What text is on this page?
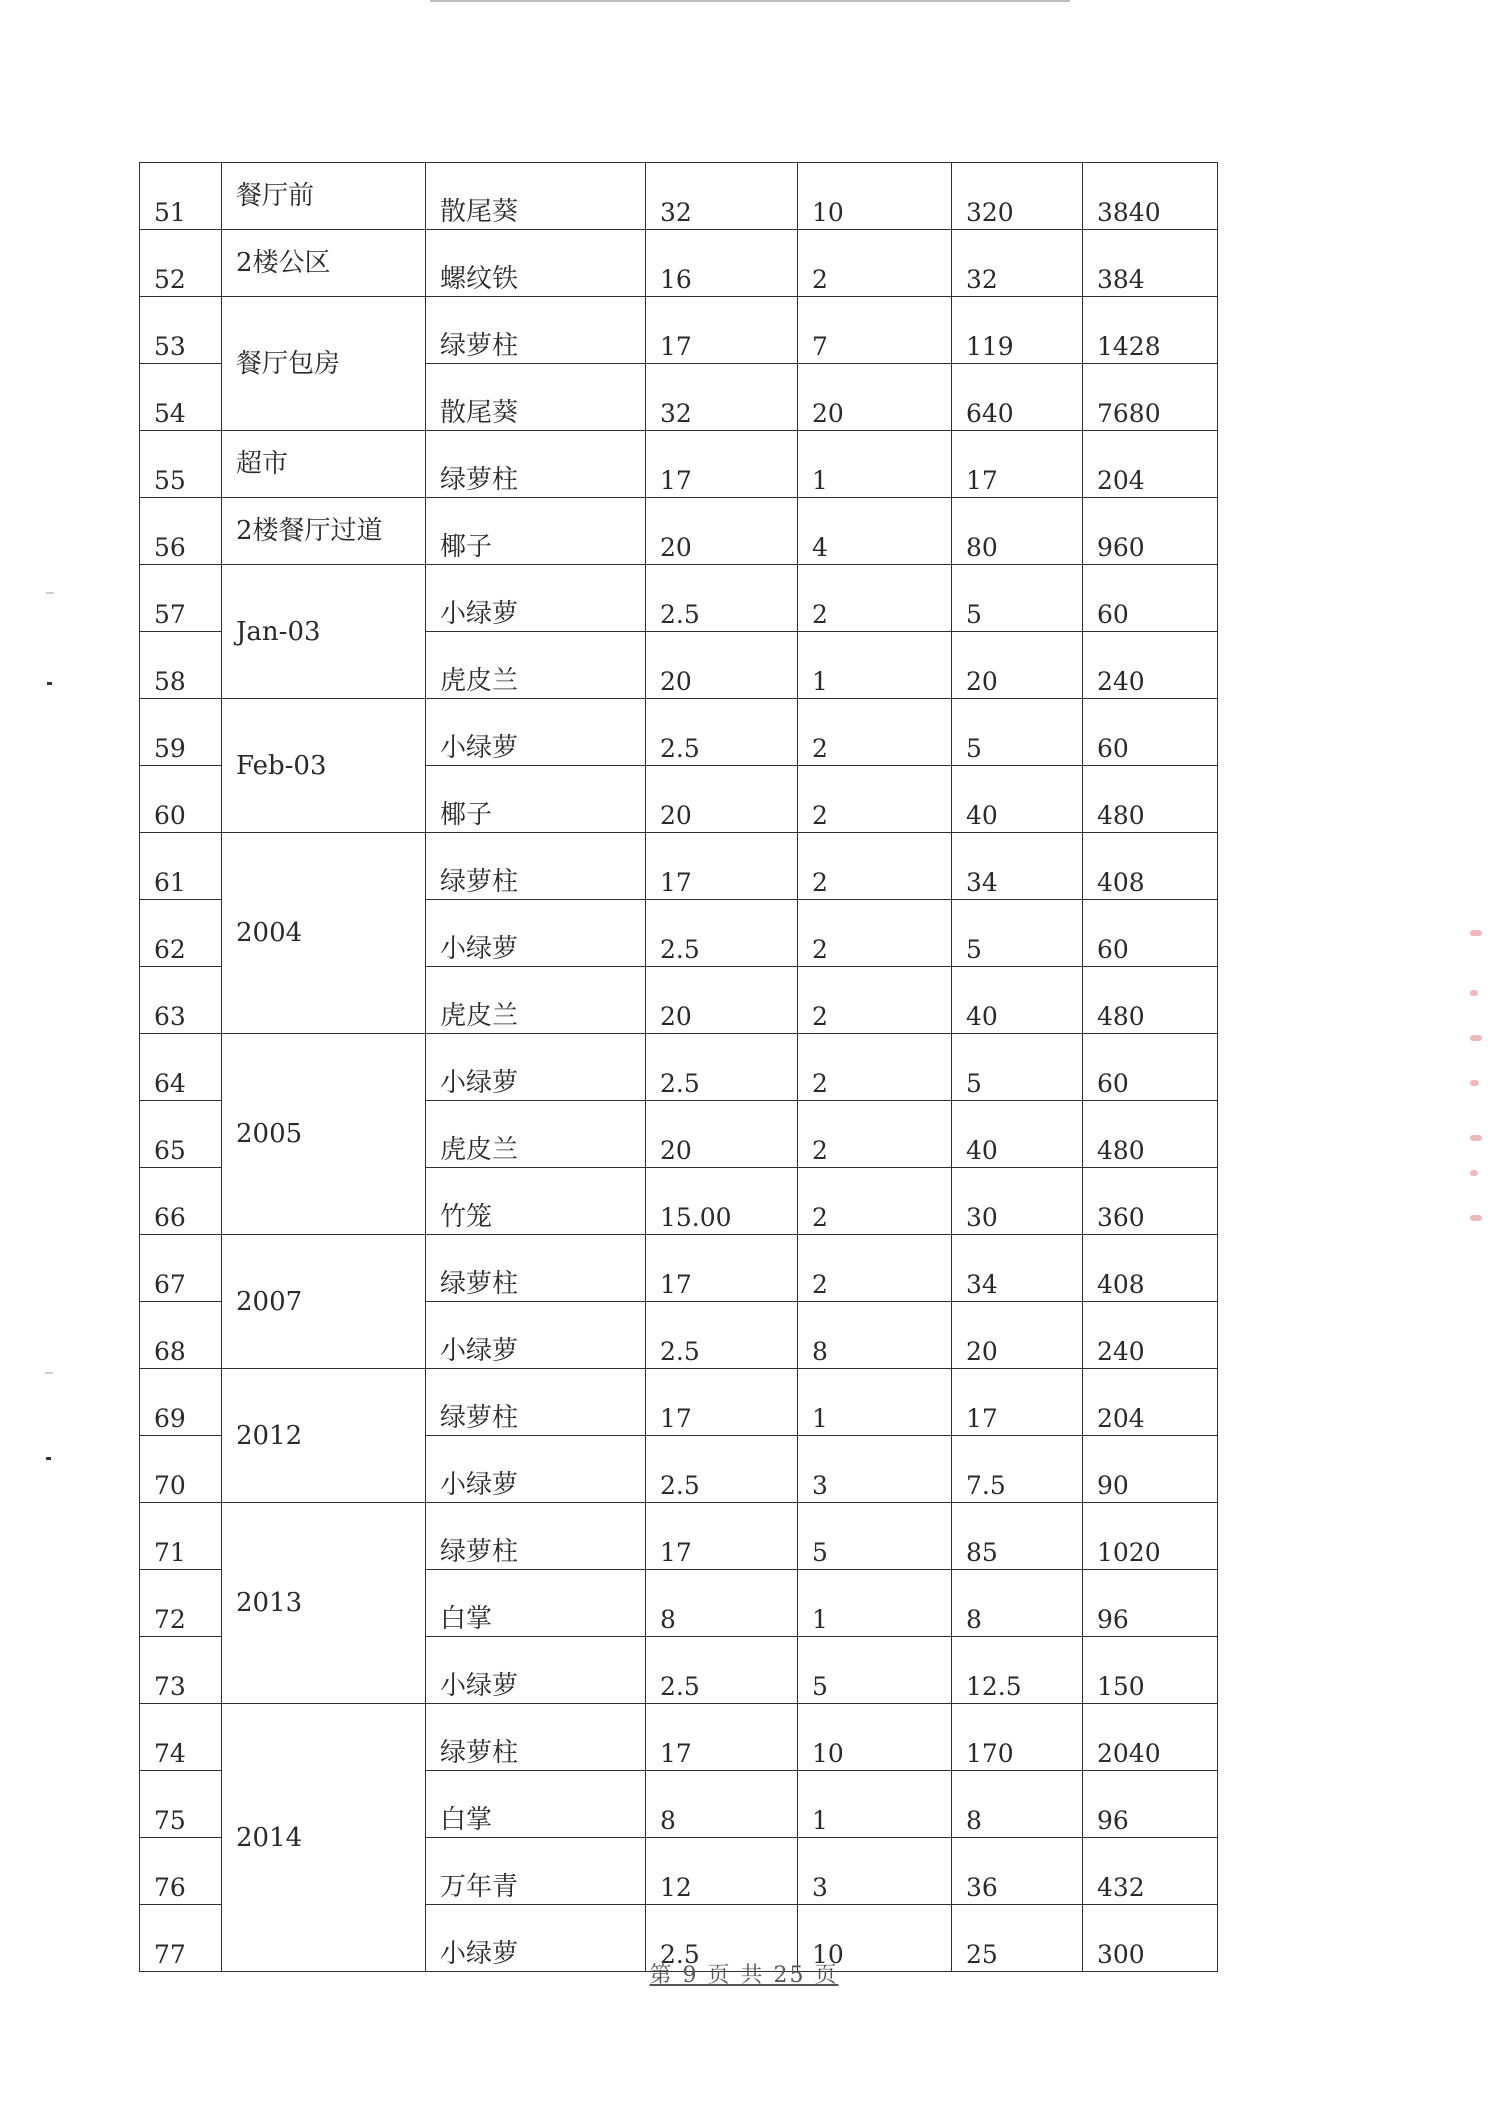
51	餐厅前	散尾葵	32	10	320	3840
52	2楼公区	螺纹铁	16	2	32	384
53	餐厅包房	绿萝柱	17	7	119	1428
54		散尾葵	32	20	640	7680
55	超市	绿萝柱	17	1	17	204
56	2楼餐厅过道	椰子	20	4	80	960
57	Jan-03	小绿萝	2.5	2	5	60
58		虎皮兰	20	1	20	240
59	Feb-03	小绿萝	2.5	2	5	60
60		椰子	20	2	40	480
61	2004	绿萝柱	17	2	34	408
62		小绿萝	2.5	2	5	60
63		虎皮兰	20	2	40	480
64	2005	小绿萝	2.5	2	5	60
65		虎皮兰	20	2	40	480
66		竹笼	15.00	2	30	360
67	2007	绿萝柱	17	2	34	408
68		小绿萝	2.5	8	20	240
69	2012	绿萝柱	17	1	17	204
70		小绿萝	2.5	3	7.5	90
71	2013	绿萝柱	17	5	85	1020
72		白掌	8	1	8	96
73		小绿萝	2.5	5	12.5	150
74	2014	绿萝柱	17	10	170	2040
75		白掌	8	1	8	96
76		万年青	12	3	36	432
77		小绿萝	2.5	10	25	300
第 9 页 共 25 页
